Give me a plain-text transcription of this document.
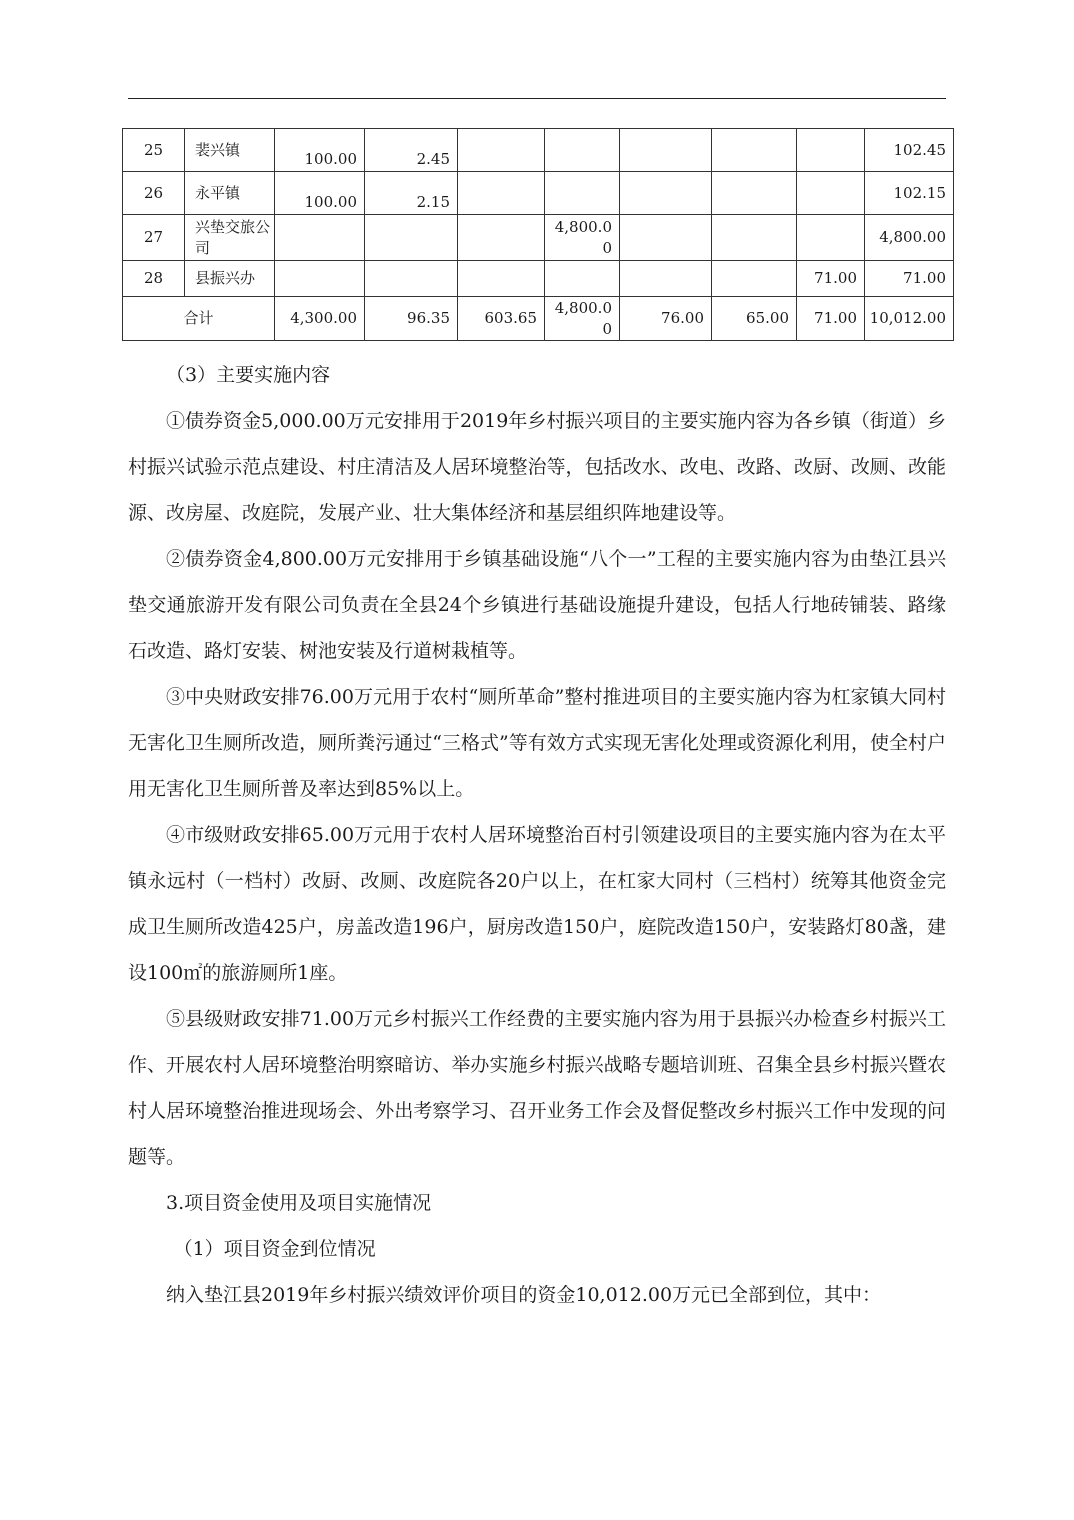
25	裴兴镇	100.00	2.45						102.45
26	永平镇	100.00	2.15						102.15
27	兴垫交旅公司				4,800.00				4,800.00
28	县振兴办							71.00	71.00
合计		4,300.00	96.35	603.65	4,800.00	76.00	65.00	71.00	10,012.00

（3）主要实施内容

①债券资金5,000.00万元安排用于2019年乡村振兴项目的主要实施内容为各乡镇（街道）乡村振兴试验示范点建设、村庄清洁及人居环境整治等，包括改水、改电、改路、改厨、改厕、改能源、改房屋、改庭院，发展产业、壮大集体经济和基层组织阵地建设等。

②债券资金4,800.00万元安排用于乡镇基础设施“八个一”工程的主要实施内容为由垫江县兴垫交通旅游开发有限公司负责在全县24个乡镇进行基础设施提升建设，包括人行地砖铺装、路缘石改造、路灯安装、树池安装及行道树栽植等。

③中央财政安排76.00万元用于农村“厕所革命”整村推进项目的主要实施内容为杠家镇大同村无害化卫生厕所改造，厕所粪污通过“三格式”等有效方式实现无害化处理或资源化利用，使全村户用无害化卫生厕所普及率达到85%以上。

④市级财政安排65.00万元用于农村人居环境整治百村引领建设项目的主要实施内容为在太平镇永远村（一档村）改厨、改厕、改庭院各20户以上，在杠家大同村（三档村）统筹其他资金完成卫生厕所改造425户，房盖改造196户，厨房改造150户，庭院改造150户，安装路灯80盏，建设100㎡的旅游厕所1座。

⑤县级财政安排71.00万元乡村振兴工作经费的主要实施内容为用于县振兴办检查乡村振兴工作、开展农村人居环境整治明察暗访、举办实施乡村振兴战略专题培训班、召集全县乡村振兴暨农村人居环境整治推进现场会、外出考察学习、召开业务工作会及督促整改乡村振兴工作中发现的问题等。

3.项目资金使用及项目实施情况

（1）项目资金到位情况

纳入垫江县2019年乡村振兴绩效评价项目的资金10,012.00万元已全部到位，其中：
